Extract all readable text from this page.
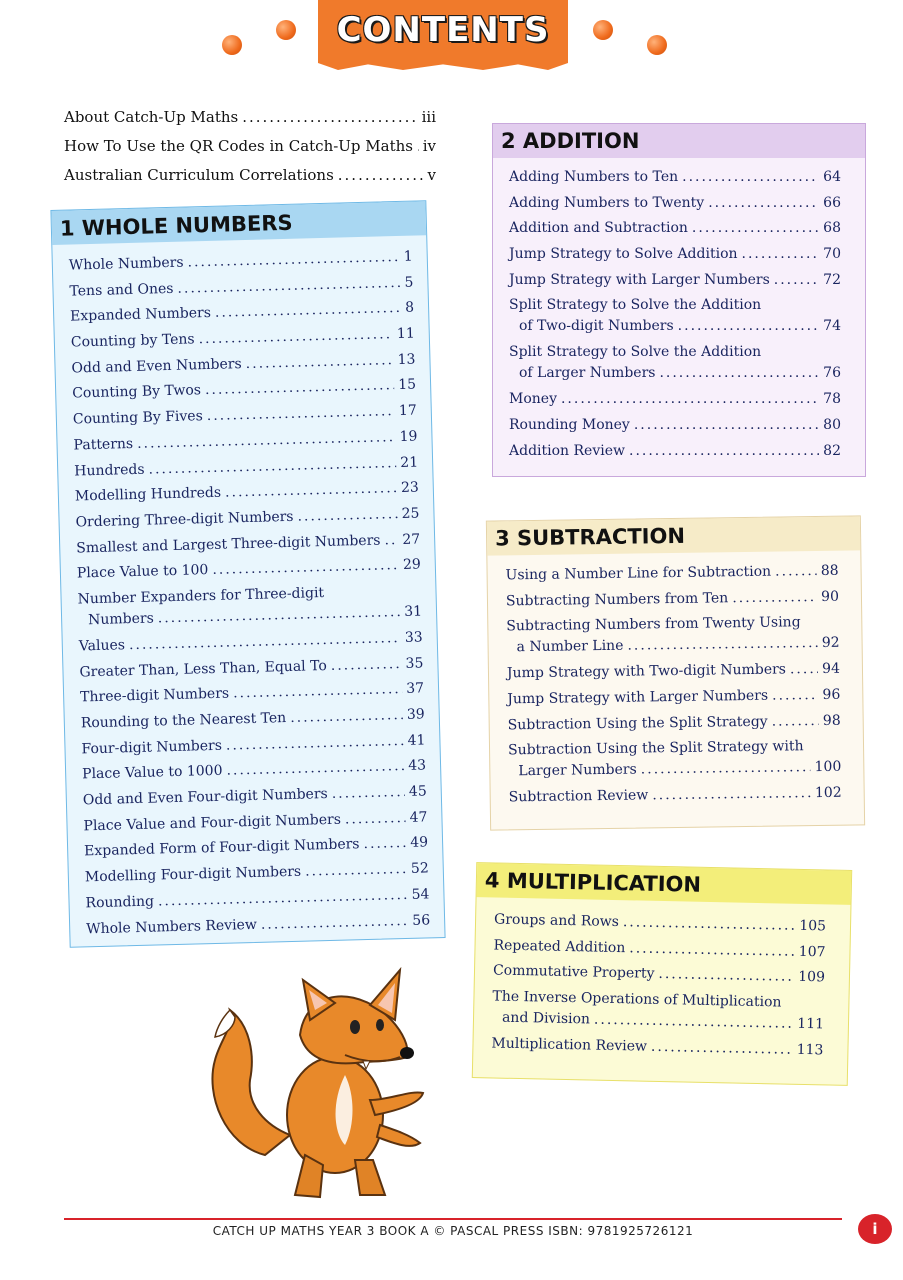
CONTENTS
About Catch-Up Maths .....	iii
How To Use the QR Codes in Catch-Up Maths ..... iv
Australian Curriculum Correlations .....	v
1 WHOLE NUMBERS
Whole Numbers .....	1
Tens and Ones .....	5
Expanded Numbers .....	8
Counting by Tens .....	11
Odd and Even Numbers .....	13
Counting By Twos .....	15
Counting By Fives .....	17
Patterns .....	19
Hundreds .....	21
Modelling Hundreds .....	23
Ordering Three-digit Numbers .....	25
Smallest and Largest Three-digit Numbers ..... 27
Place Value to 100 .....	29
Number Expanders for Three-digit
Numbers .....	31
Values .....	33
Greater Than, Less Than, Equal To .....	35
Three-digit Numbers .....	37
Rounding to the Nearest Ten .....	39
Four-digit Numbers .....	41
Place Value to 1000 .....	43
Odd and Even Four-digit Numbers .....	45
Place Value and Four-digit Numbers .....	47
Expanded Form of Four-digit Numbers .....	49
Modelling Four-digit Numbers .....	52
Rounding .....	54
Whole Numbers Review .....	56
2 ADDITION
Adding Numbers to Ten .....	64
Adding Numbers to Twenty .....	66
Addition and Subtraction .....	68
Jump Strategy to Solve Addition .....	70
Jump Strategy with Larger Numbers .....	72
Split Strategy to Solve the Addition
of Two-digit Numbers .....	74
Split Strategy to Solve the Addition
of Larger Numbers .....	76
Money .....	78
Rounding Money .....	80
Addition Review .....	82
3 SUBTRACTION
Using a Number Line for Subtraction .....	88
Subtracting Numbers from Ten .....	90
Subtracting Numbers from Twenty Using
a Number Line .....	92
Jump Strategy with Two-digit Numbers .....	94
Jump Strategy with Larger Numbers .....	96
Subtraction Using the Split Strategy .....	98
Subtraction Using the Split Strategy with
Larger Numbers .....	100
Subtraction Review .....	102
4 MULTIPLICATION
Groups and Rows .....	105
Repeated Addition .....	107
Commutative Property .....	109
The Inverse Operations of Multiplication
and Division .....	111
Multiplication Review .....	113
CATCH UP MATHS YEAR 3 BOOK A © PASCAL PRESS ISBN: 9781925726121	i
